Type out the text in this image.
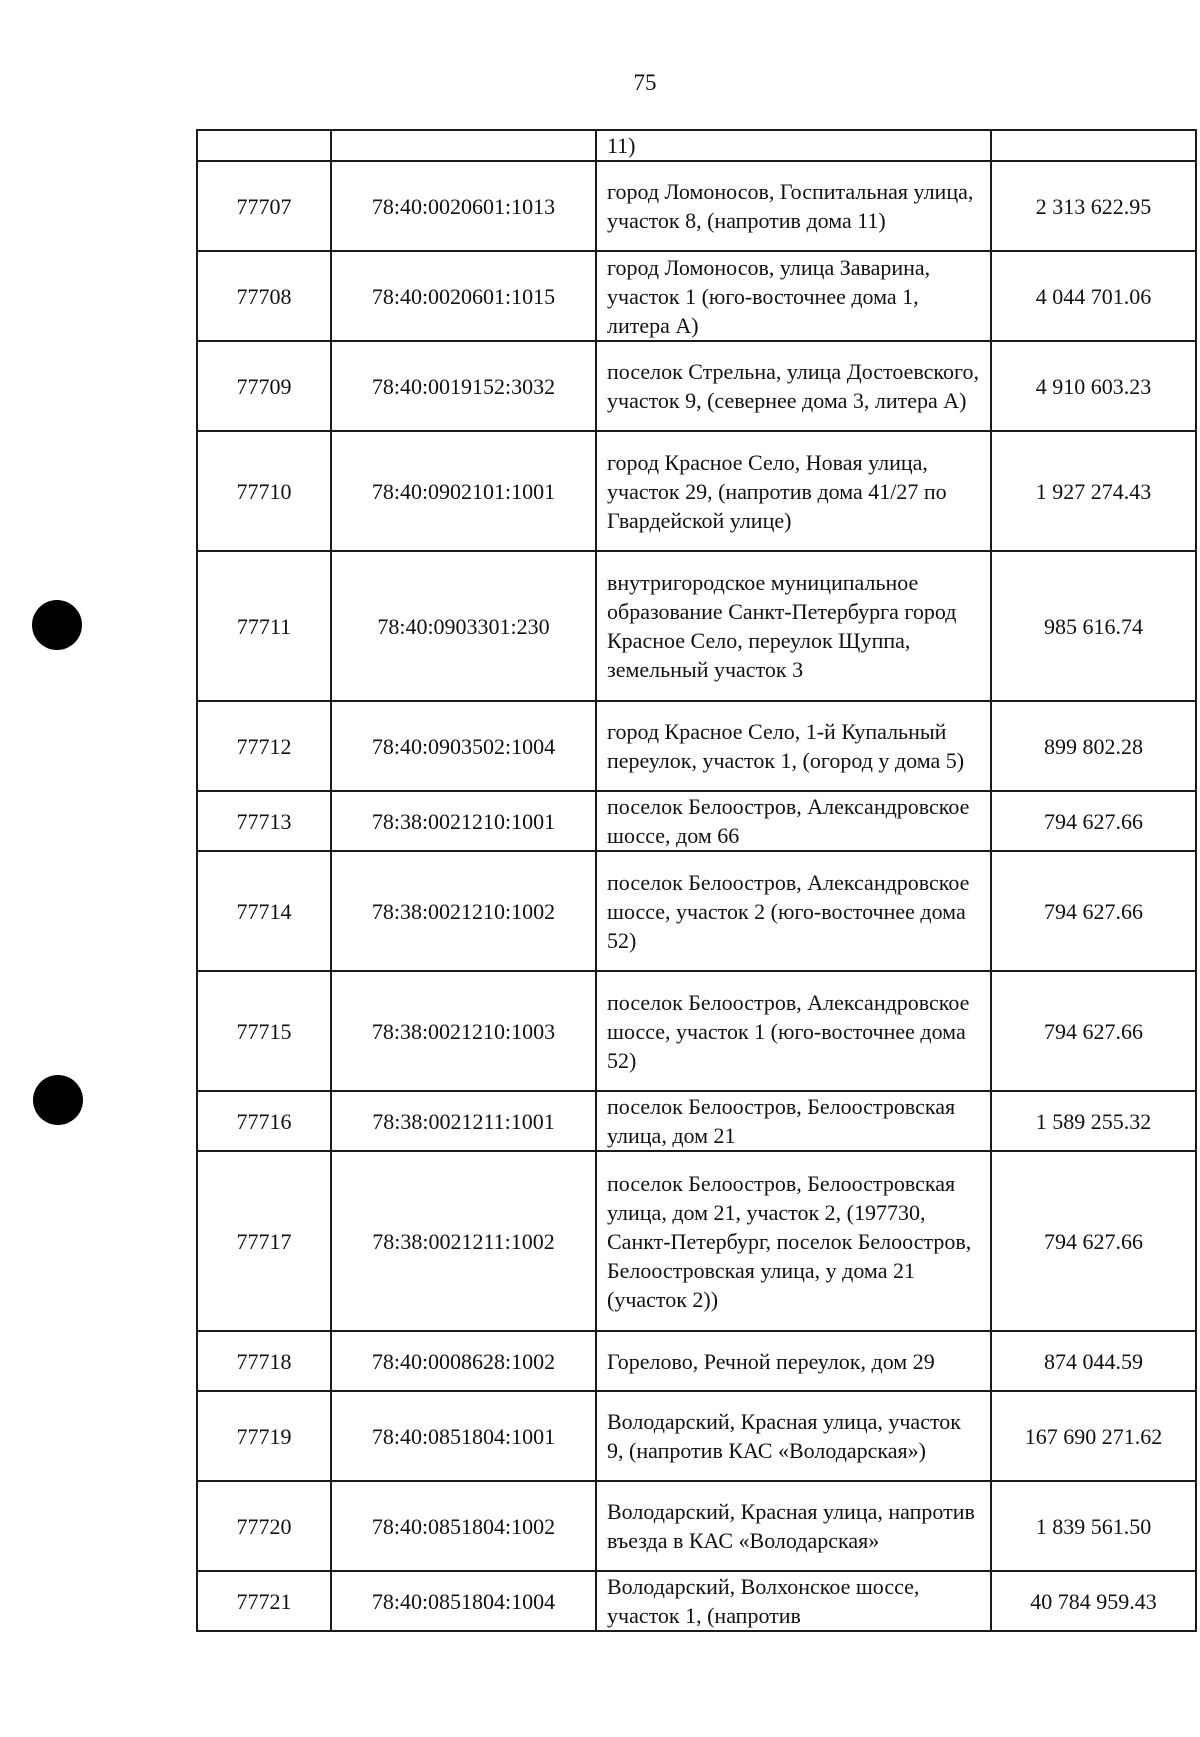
75
		11)	
77707	78:40:0020601:1013	город Ломоносов, Госпитальная улица, участок 8, (напротив дома 11)	2 313 622.95
77708	78:40:0020601:1015	город Ломоносов, улица Заварина, участок 1 (юго-восточнее дома 1, литера А)	4 044 701.06
77709	78:40:0019152:3032	поселок Стрельна, улица Достоевского, участок 9, (севернее дома 3, литера А)	4 910 603.23
77710	78:40:0902101:1001	город Красное Село, Новая улица, участок 29, (напротив дома 41/27 по Гвардейской улице)	1 927 274.43
77711	78:40:0903301:230	внутригородское муниципальное образование Санкт-Петербурга город Красное Село, переулок Щуппа, земельный участок 3	985 616.74
77712	78:40:0903502:1004	город Красное Село, 1-й Купальный переулок, участок 1, (огород у дома 5)	899 802.28
77713	78:38:0021210:1001	поселок Белоостров, Александровское шоссе, дом 66	794 627.66
77714	78:38:0021210:1002	поселок Белоостров, Александровское шоссе, участок 2 (юго-восточнее дома 52)	794 627.66
77715	78:38:0021210:1003	поселок Белоостров, Александровское шоссе, участок 1 (юго-восточнее дома 52)	794 627.66
77716	78:38:0021211:1001	поселок Белоостров, Белоостровская улица, дом 21	1 589 255.32
77717	78:38:0021211:1002	поселок Белоостров, Белоостровская улица, дом 21, участок 2, (197730, Санкт-Петербург, поселок Белоостров, Белоостровская улица, у дома 21 (участок 2))	794 627.66
77718	78:40:0008628:1002	Горелово, Речной переулок, дом 29	874 044.59
77719	78:40:0851804:1001	Володарский, Красная улица, участок 9, (напротив КАС «Володарская»)	167 690 271.62
77720	78:40:0851804:1002	Володарский, Красная улица, напротив въезда в КАС «Володарская»	1 839 561.50
77721	78:40:0851804:1004	Володарский, Волхонское шоссе, участок 1, (напротив	40 784 959.43
